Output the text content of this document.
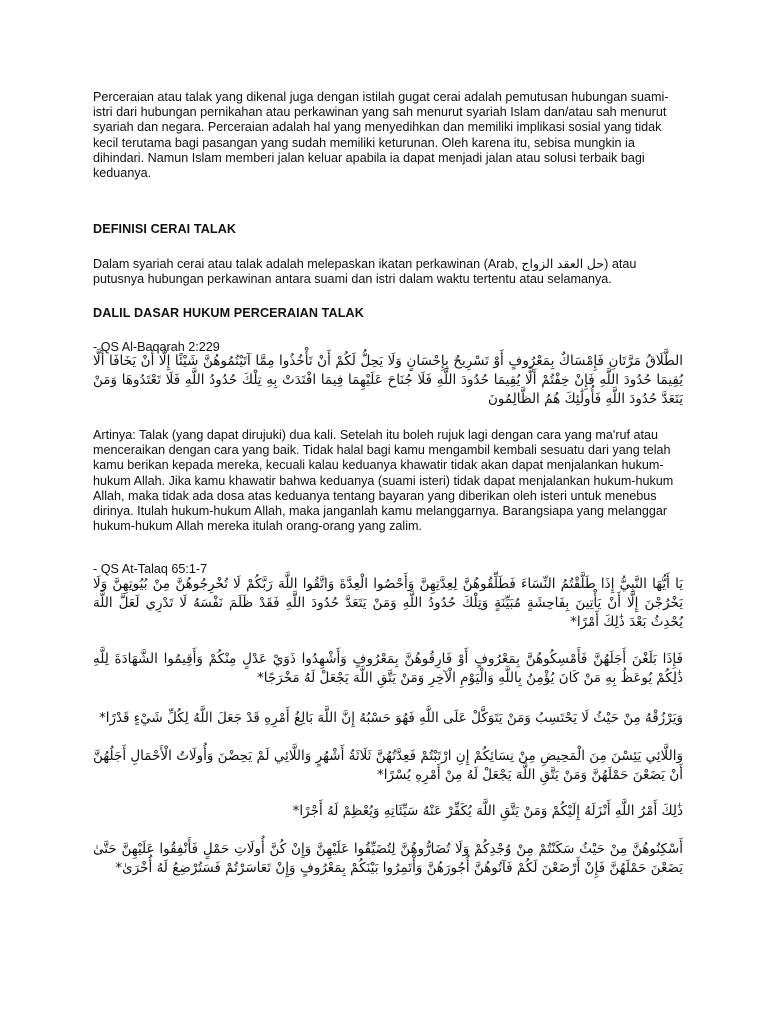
Perceraian atau talak yang dikenal juga dengan istilah gugat cerai adalah pemutusan hubungan suami-istri dari hubungan pernikahan atau perkawinan yang sah menurut syariah Islam dan/atau sah menurut syariah dan negara. Perceraian adalah hal yang menyedihkan dan memiliki implikasi sosial yang tidak kecil terutama bagi pasangan yang sudah memiliki keturunan. Oleh karena itu, sebisa mungkin ia dihindari. Namun Islam memberi jalan keluar apabila ia dapat menjadi jalan atau solusi terbaik bagi keduanya.

DEFINISI CERAI TALAK

Dalam syariah cerai atau talak adalah melepaskan ikatan perkawinan (Arab, حل العقد الزواج) atau putusnya hubungan perkawinan antara suami dan istri dalam waktu tertentu atau selamanya.

DALIL DASAR HUKUM PERCERAIAN TALAK

- QS Al-Baqarah 2:229

الطَّلَاقُ مَرَّتَانِ فَإِمْسَاكٌ بِمَعْرُوفٍ أَوْ تَسْرِيحٌ بِإِحْسَانٍ وَلَا يَحِلُّ لَكُمْ أَنْ تَأْخُذُوا مِمَّا آتَيْتُمُوهُنَّ شَيْئًا إِلَّا أَنْ يَخَافَا أَلَّا يُقِيمَا حُدُودَ اللَّهِ فَإِنْ خِفْتُمْ أَلَّا يُقِيمَا حُدُودَ اللَّهِ فَلَا جُنَاحَ عَلَيْهِمَا فِيمَا افْتَدَتْ بِهِ تِلْكَ حُدُودُ اللَّهِ فَلَا تَعْتَدُوهَا وَمَنْ يَتَعَدَّ حُدُودَ اللَّهِ فَأُولَٰئِكَ هُمُ الظَّالِمُونَ

Artinya: Talak (yang dapat dirujuki) dua kali. Setelah itu boleh rujuk lagi dengan cara yang ma'ruf atau menceraikan dengan cara yang baik. Tidak halal bagi kamu mengambil kembali sesuatu dari yang telah kamu berikan kepada mereka, kecuali kalau keduanya khawatir tidak akan dapat menjalankan hukum-hukum Allah. Jika kamu khawatir bahwa keduanya (suami isteri) tidak dapat menjalankan hukum-hukum Allah, maka tidak ada dosa atas keduanya tentang bayaran yang diberikan oleh isteri untuk menebus dirinya. Itulah hukum-hukum Allah, maka janganlah kamu melanggarnya. Barangsiapa yang melanggar hukum-hukum Allah mereka itulah orang-orang yang zalim.

- QS At-Talaq 65:1-7

يَا أَيُّهَا النَّبِيُّ إِذَا طَلَّقْتُمُ النِّسَاءَ فَطَلِّقُوهُنَّ لِعِدَّتِهِنَّ وَأَحْصُوا الْعِدَّةَ وَاتَّقُوا اللَّهَ رَبَّكُمْ لَا تُخْرِجُوهُنَّ مِنْ بُيُوتِهِنَّ وَلَا يَخْرُجْنَ إِلَّا أَنْ يَأْتِينَ بِفَاحِشَةٍ مُبَيِّنَةٍ وَتِلْكَ حُدُودُ اللَّهِ وَمَنْ يَتَعَدَّ حُدُودَ اللَّهِ فَقَدْ ظَلَمَ نَفْسَهُ لَا تَدْرِي لَعَلَّ اللَّهَ يُحْدِثُ بَعْدَ ذَٰلِكَ أَمْرًا*

فَإِذَا بَلَغْنَ أَجَلَهُنَّ فَأَمْسِكُوهُنَّ بِمَعْرُوفٍ أَوْ فَارِقُوهُنَّ بِمَعْرُوفٍ وَأَشْهِدُوا ذَوَيْ عَدْلٍ مِنْكُمْ وَأَقِيمُوا الشَّهَادَةَ لِلَّهِ ذَٰلِكُمْ يُوعَظُ بِهِ مَنْ كَانَ يُؤْمِنُ بِاللَّهِ وَالْيَوْمِ الْآخِرِ وَمَنْ يَتَّقِ اللَّهَ يَجْعَلْ لَهُ مَخْرَجًا*

وَيَرْزُقْهُ مِنْ حَيْثُ لَا يَحْتَسِبُ وَمَنْ يَتَوَكَّلْ عَلَى اللَّهِ فَهُوَ حَسْبُهُ إِنَّ اللَّهَ بَالِغُ أَمْرِهِ قَدْ جَعَلَ اللَّهُ لِكُلِّ شَيْءٍ قَدْرًا*

وَاللَّائِي يَئِسْنَ مِنَ الْمَحِيضِ مِنْ نِسَائِكُمْ إِنِ ارْتَبْتُمْ فَعِدَّتُهُنَّ ثَلَاثَةُ أَشْهُرٍ وَاللَّائِي لَمْ يَحِضْنَ وَأُولَاتُ الْأَحْمَالِ أَجَلُهُنَّ أَنْ يَضَعْنَ حَمْلَهُنَّ وَمَنْ يَتَّقِ اللَّهَ يَجْعَلْ لَهُ مِنْ أَمْرِهِ يُسْرًا*

ذَٰلِكَ أَمْرُ اللَّهِ أَنْزَلَهُ إِلَيْكُمْ وَمَنْ يَتَّقِ اللَّهَ يُكَفِّرْ عَنْهُ سَيِّئَاتِهِ وَيُعْظِمْ لَهُ أَجْرًا*

أَسْكِنُوهُنَّ مِنْ حَيْثُ سَكَنْتُمْ مِنْ وُجْدِكُمْ وَلَا تُضَارُّوهُنَّ لِتُضَيِّقُوا عَلَيْهِنَّ وَإِنْ كُنَّ أُولَاتِ حَمْلٍ فَأَنْفِقُوا عَلَيْهِنَّ حَتَّىٰ يَضَعْنَ حَمْلَهُنَّ فَإِنْ أَرْضَعْنَ لَكُمْ فَآتُوهُنَّ أُجُورَهُنَّ وَأْتَمِرُوا بَيْنَكُمْ بِمَعْرُوفٍ وَإِنْ تَعَاسَرْتُمْ فَسَتُرْضِعُ لَهُ أُخْرَىٰ*
